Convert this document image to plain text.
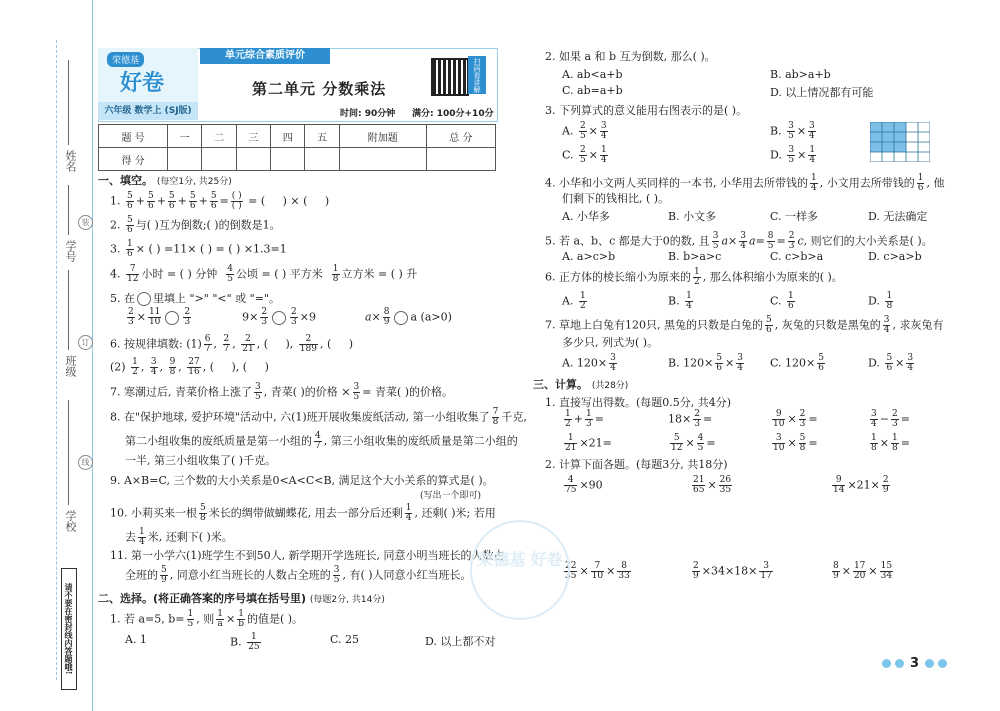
姓名
学号
班级
学校
装
订
线
请不要在密封线内答题哦!
荣德基
好卷
单元综合素质评价
六年级 数学上 (SJ版)
第二单元 分数乘法
时间: 90分钟 满分: 100分+10分
扫码看讲解
题 号	一	二	三	四	五	附加题	总 分
得 分							
一、填空。 (每空1分, 共25分)
1. $\frac{5}{6} + \frac{5}{6} + \frac{5}{6} + \frac{5}{6} + \frac{5}{6} = \frac{( )}{( )}$ = (     ) × (     )
2. $\frac{5}{6}$ 与( )互为倒数;( )的倒数是1。
3. $\frac{1}{6}$ × ( ) =11× ( ) = ( ) ×1.3=1
4. $\frac{7}{12}$ 小时 = ( ) 分钟 $\frac{4}{5}$ 公顷 = ( ) 平方米 $\frac{1}{8}$ 立方米 = ( ) 升
5. 在 里填上 ">" "<" 或 "="。
$\frac{2}{3} \times \frac{11}{10} \frac{2}{3} 9\times \frac{2}{3} \frac{2}{3} \times 9$              $a\times \frac{8}{9}$ a (a>0)
6. 按规律填数: $(1) \frac{6}{7}$ , $\frac{2}{7}$ , $\frac{2}{21}$ , (     ), $\frac{2}{189}$ , (     )
$(2) \frac{1}{2}$ , $\frac{3}{4}$ , $\frac{9}{8}$ , $\frac{27}{16}$ , (     ), (     )
7. 寒潮过后, 青菜价格上涨了 $\frac{3}{5}$ , 青菜( )的价格 × $\frac{3}{5}$ = 青菜( )的价格。
8. 在"保护地球, 爱护环境"活动中, 六(1)班开展收集废纸活动, 第一小组收集了 $\frac{7}{8}$ 千克,
第二小组收集的废纸质量是第一小组的 $\frac{4}{7}$ , 第三小组收集的废纸质量是第二小组的
一半, 第三小组收集了( )千克。
9. A×B=C, 三个数的大小关系是0<A<C<B, 满足这个大小关系的算式是( )。
(写出一个即可)
10. 小莉买来一根 $\frac{5}{8}$ 米长的绸带做蝴蝶花, 用去一部分后还剩 $\frac{1}{4}$ , 还剩( )米; 若用
去 $\frac{1}{4}$ 米, 还剩下( )米。
11. 第一小学六(1)班学生不到50人, 新学期开学选班长, 同意小明当班长的人数占
全班的 $\frac{5}{9}$ , 同意小红当班长的人数占全班的 $\frac{3}{5}$ , 有( )人同意小红当班长。
二、选择。(将正确答案的序号填在括号里) (每题2分, 共14分)
1. 若 a=5, $b= \frac{1}{5}$ , 则 $\frac{1}{a} \times \frac{1}{b}$ 的值是( )。
A. 1	B. $\frac{1}{25}$	C. 25	D. 以上都不对
2. 如果 a 和 b 互为倒数, 那么( )。
A. ab<a+b	B. ab>a+b
C. ab=a+b	D. 以上情况都有可能
3. 下列算式的意义能用右图表示的是( )。
A. $\frac{2}{5} \times \frac{3}{4}$	B. $\frac{3}{5} \times \frac{3}{4}$
C. $\frac{2}{5} \times \frac{1}{4}$	D. $\frac{3}{5} \times \frac{1}{4}$
4. 小华和小文两人买同样的一本书, 小华用去所带钱的 $\frac{1}{4}$ , 小文用去所带钱的 $\frac{1}{6}$ , 他
们剩下的钱相比, ( )。
A. 小华多	B. 小文多	C. 一样多	D. 无法确定
5. 若 a、b、c 都是大于0的数, 且 $\frac{3}{5} a\times \frac{3}{4} a= \frac{8}{5} = \frac{2}{3} c$, 则它们的大小关系是( )。
A. a>c>b	B. b>a>c	C. c>b>a	D. c>a>b
6. 正方体的棱长缩小为原来的 $\frac{1}{2}$ , 那么体积缩小为原来的( )。
A. $\frac{1}{2}$	B. $\frac{1}{4}$	C. $\frac{1}{6}$	D. $\frac{1}{8}$
7. 草地上白兔有120只, 黑兔的只数是白兔的 $\frac{5}{6}$ , 灰兔的只数是黑兔的 $\frac{3}{4}$ , 求灰兔有
多少只, 列式为( )。
A. $120\times \frac{3}{4}$	B. $120\times \frac{5}{6} \times \frac{3}{4} C$. $120\times \frac{5}{6}$	D. $\frac{5}{6} \times \frac{3}{4}$
三、计算。 (共28分)
1. 直接写出得数。(每题0.5分, 共4分)
$\frac{1}{2} + \frac{1}{3}$ =	$18\times \frac{2}{3}$ =	$\frac{9}{10} \times \frac{2}{3}$ =	$\frac{3}{4} - \frac{2}{3}$ =
$\frac{1}{21} \times 21=$	$\frac{5}{12} \times \frac{4}{5}$ =	$\frac{3}{10} \times \frac{5}{8}$ =	$\frac{1}{8} \times \frac{1}{8}$ =
2. 计算下面各题。(每题3分, 共18分)
$\frac{4}{75} \times 90$	$\frac{21}{65} \times \frac{26}{35}$	$\frac{9}{14} \times 21\times \frac{2}{9}$
$\frac{22}{35} \times \frac{7}{10} \times \frac{8}{33}$	$\frac{2}{9} \times 34\times 18\times \frac{3}{17}$	$\frac{8}{9} \times \frac{17}{20} \times \frac{15}{34}$
荣德基 好卷
3
